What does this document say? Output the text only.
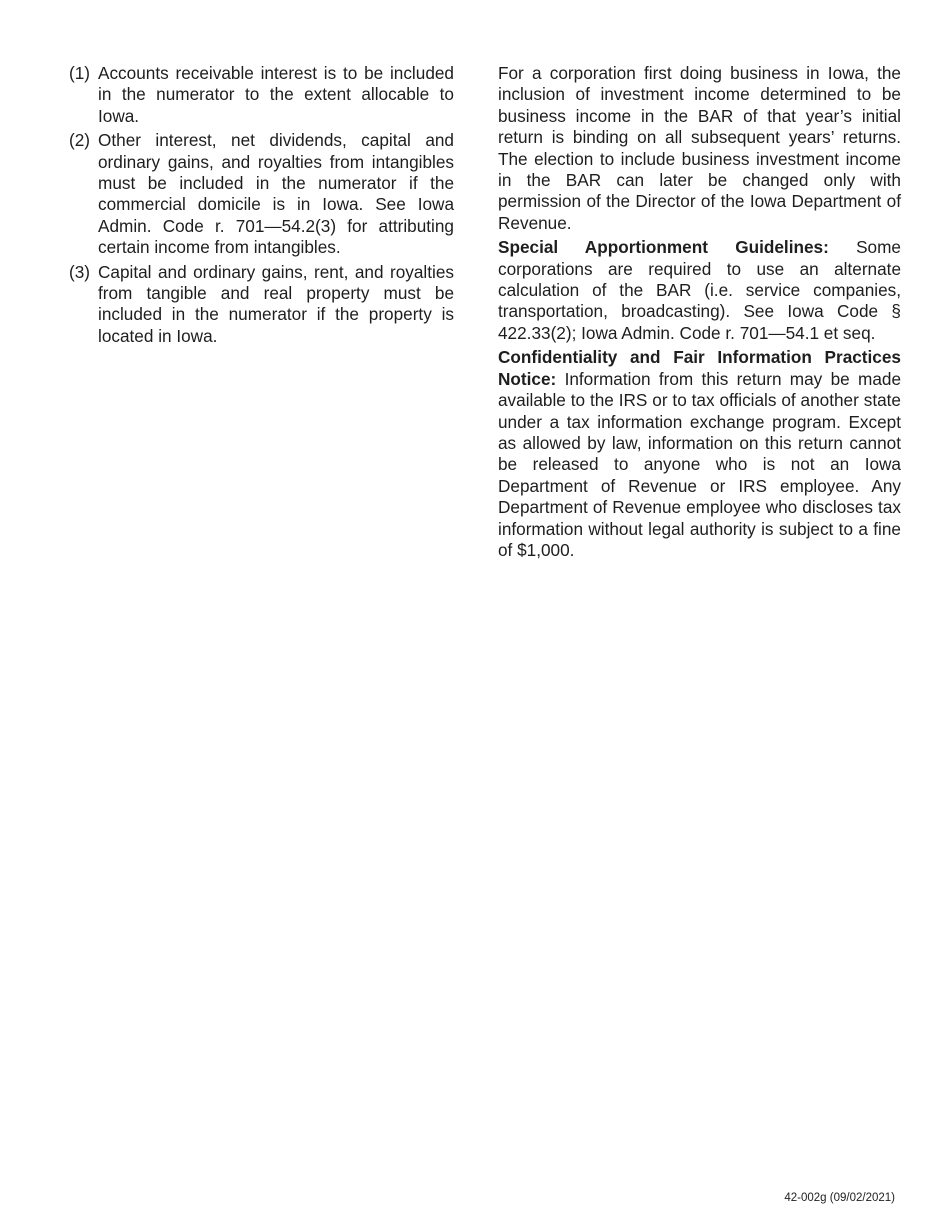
(1) Accounts receivable interest is to be included in the numerator to the extent allocable to Iowa.
(2) Other interest, net dividends, capital and ordinary gains, and royalties from intangibles must be included in the numerator if the commercial domicile is in Iowa. See Iowa Admin. Code r. 701—54.2(3) for attributing certain income from intangibles.
(3) Capital and ordinary gains, rent, and royalties from tangible and real property must be included in the numerator if the property is located in Iowa.

For a corporation first doing business in Iowa, the inclusion of investment income determined to be business income in the BAR of that year’s initial return is binding on all subsequent years’ returns. The election to include business investment income in the BAR can later be changed only with permission of the Director of the Iowa Department of Revenue.

Special Apportionment Guidelines: Some corporations are required to use an alternate calculation of the BAR (i.e. service companies, transportation, broadcasting). See Iowa Code § 422.33(2); Iowa Admin. Code r. 701—54.1 et seq.

Confidentiality and Fair Information Practices Notice: Information from this return may be made available to the IRS or to tax officials of another state under a tax information exchange program. Except as allowed by law, information on this return cannot be released to anyone who is not an Iowa Department of Revenue or IRS employee. Any Department of Revenue employee who discloses tax information without legal authority is subject to a fine of $1,000.

42-002g (09/02/2021)
